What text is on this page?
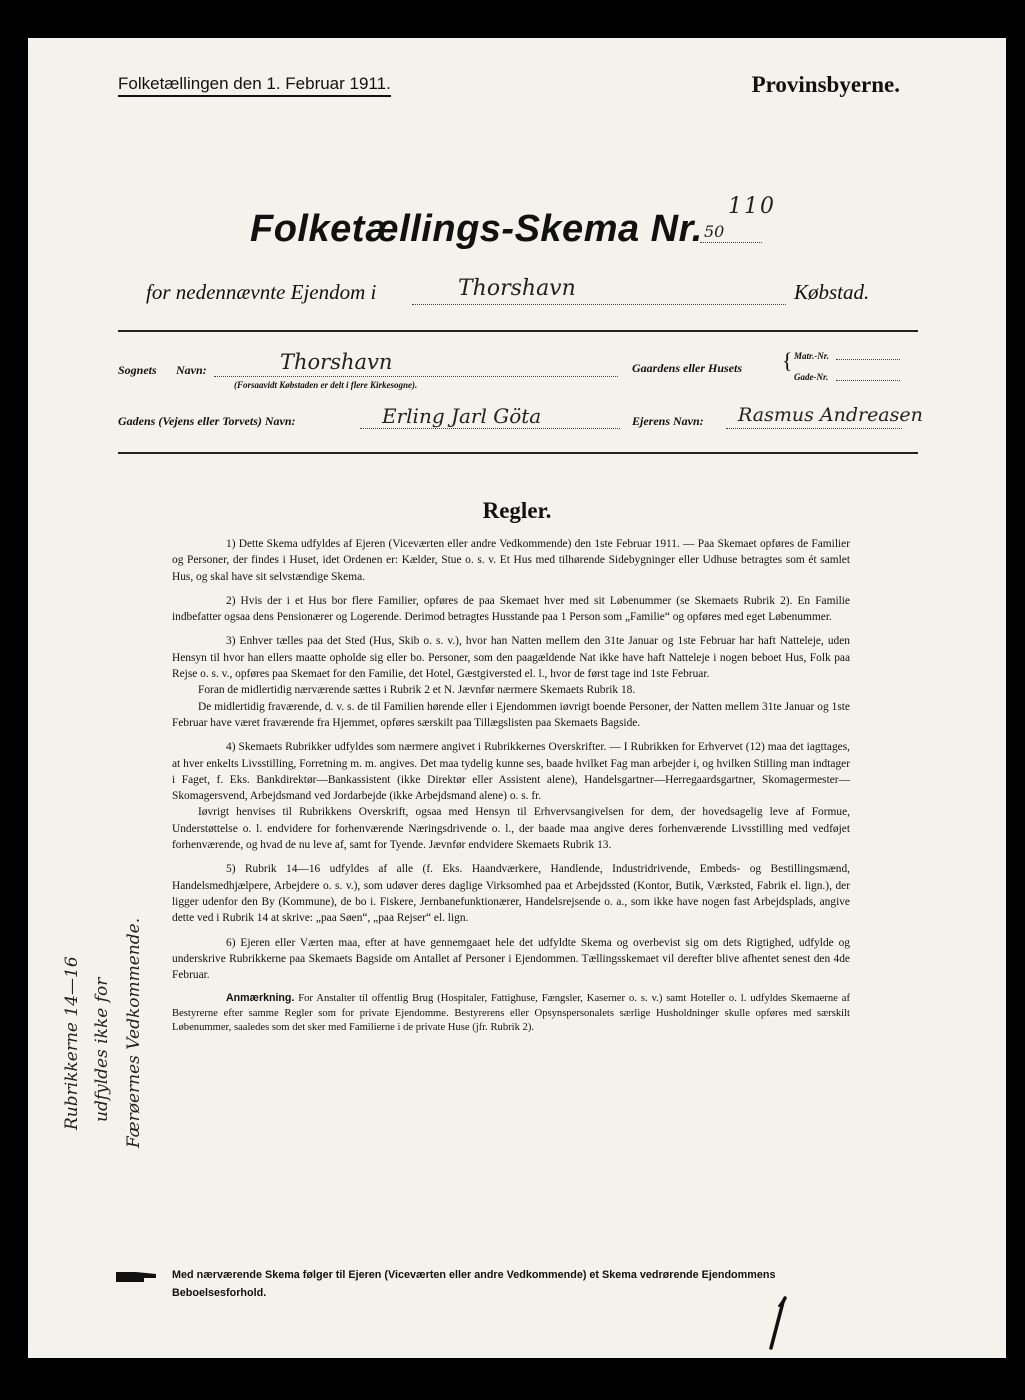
Folketællingen den 1. Februar 1911.	Provinsbyerne.
110
Folketællings-Skema Nr. 50
for nedennævnte Ejendom i	Thorshavn	Købstad.
Sognets Navn:	Thorshavn
(Forsaavidt Købstaden er delt i flere Kirkesogne).
Gaardens eller Husets { Matr.-Nr.
Gade-Nr.
Gadens (Vejens eller Torvets) Navn:	Erling Jarl Göta	Ejerens Navn: Rasmus Andreasen
Regler.

1) Dette Skema udfyldes af Ejeren (Viceværten eller andre Vedkommende) den 1ste Februar 1911. — Paa Skemaet opføres de Familier og Personer, der findes i Huset, idet Ordenen er: Kælder, Stue o. s. v. Et Hus med tilhørende Sidebygninger eller Udhuse betragtes som ét samlet Hus, og skal have sit selvstændige Skema.

2) Hvis der i et Hus bor flere Familier, opføres de paa Skemaet hver med sit Løbenummer (se Skemaets Rubrik 2). En Familie indbefatter ogsaa dens Pensionærer og Logerende. Derimod betragtes Husstande paa 1 Person som „Familie“ og opføres med eget Løbenummer.

3) Enhver tælles paa det Sted (Hus, Skib o. s. v.), hvor han Natten mellem den 31te Januar og 1ste Februar har haft Natteleje, uden Hensyn til hvor han ellers maatte opholde sig eller bo. Personer, som den paagældende Nat ikke have haft Natteleje i nogen beboet Hus, Folk paa Rejse o. s. v., opføres paa Skemaet for den Familie, det Hotel, Gæstgiversted el. l., hvor de først tage ind 1ste Februar.

Foran de midlertidig nærværende sættes i Rubrik 2 et N. Jævnfør nærmere Skemaets Rubrik 18.

De midlertidig fraværende, d. v. s. de til Familien hørende eller i Ejendommen iøvrigt boende Personer, der Natten mellem 31te Januar og 1ste Februar have været fraværende fra Hjemmet, opføres særskilt paa Tillægslisten paa Skemaets Bagside.

4) Skemaets Rubrikker udfyldes som nærmere angivet i Rubrikkernes Overskrifter. — I Rubrikken for Erhvervet (12) maa det iagttages, at hver enkelts Livsstilling, Forretning m. m. angives. Det maa tydelig kunne ses, baade hvilket Fag man arbejder i, og hvilken Stilling man indtager i Faget, f. Eks. Bankdirektør—Bankassistent (ikke Direktør eller Assistent alene), Handelsgartner—Herregaardsgartner, Skomagermester—Skomagersvend, Arbejdsmand ved Jordarbejde (ikke Arbejdsmand alene) o. s. fr.

Iøvrigt henvises til Rubrikkens Overskrift, ogsaa med Hensyn til Erhvervsangivelsen for dem, der hovedsagelig leve af Formue, Understøttelse o. l. endvidere for forhenværende Næringsdrivende o. l., der baade maa angive deres forhenværende Livsstilling med vedføjet forhenværende, og hvad de nu leve af, samt for Tyende. Jævnfør endvidere Skemaets Rubrik 13.

5) Rubrik 14—16 udfyldes af alle (f. Eks. Haandværkere, Handlende, Industridrivende, Embeds- og Bestillingsmænd, Handelsmedhjælpere, Arbejdere o. s. v.), som udøver deres daglige Virksomhed paa et Arbejdssted (Kontor, Butik, Værksted, Fabrik el. lign.), der ligger udenfor den By (Kommune), de bo i. Fiskere, Jernbanefunktionærer, Handelsrejsende o. a., som ikke have nogen fast Arbejdsplads, angive dette ved i Rubrik 14 at skrive: „paa Søen“, „paa Rejser“ el. lign.

6) Ejeren eller Værten maa, efter at have gennemgaaet hele det udfyldte Skema og overbevist sig om dets Rigtighed, udfylde og underskrive Rubrikkerne paa Skemaets Bagside om Antallet af Personer i Ejendommen. Tællingsskemaet vil derefter blive afhentet senest den 4de Februar.

Anmærkning. For Anstalter til offentlig Brug (Hospitaler, Fattighuse, Fængsler, Kaserner o. s. v.) samt Hoteller o. l. udfyldes Skemaerne af Bestyrerne efter samme Regler som for private Ejendomme. Bestyrerens eller Opsynspersonalets særlige Husholdninger skulle opføres med særskilt Løbenummer, saaledes som det sker med Familierne i de private Huse (jfr. Rubrik 2).

Rubrikkerne 14—16 udfyldes ikke for Færøernes Vedkommende.
Med nærværende Skema følger til Ejeren (Viceværten eller andre Vedkommende) et Skema vedrørende Ejendommens Beboelsesforhold.
